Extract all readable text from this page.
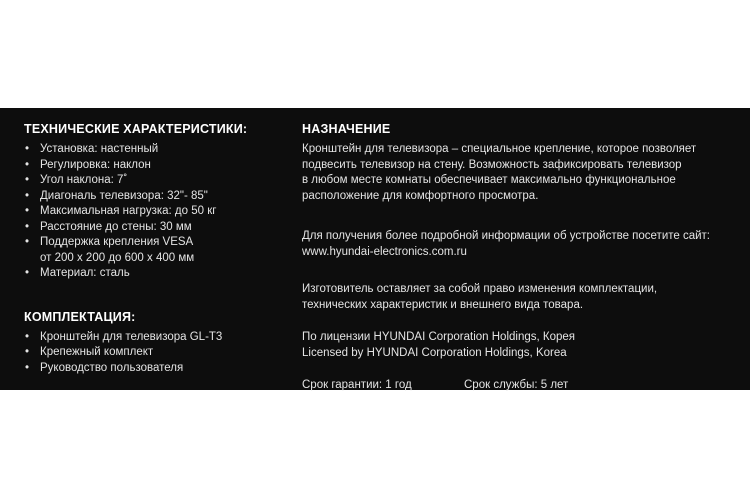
ТЕХНИЧЕСКИЕ ХАРАКТЕРИСТИКИ:
• Установка: настенный
• Регулировка: наклон
• Угол наклона: 7˚
• Диагональ телевизора: 32"- 85"
• Максимальная нагрузка: до 50 кг
• Расстояние до стены: 30 мм
• Поддержка крепления VESA
от 200 х 200 до 600 х 400 мм
• Материал: сталь
КОМПЛЕКТАЦИЯ:
• Кронштейн для телевизора GL-T3
• Крепежный комплект
• Руководство пользователя
НАЗНАЧЕНИЕ

Кронштейн для телевизора – специальное крепление, которое позволяет
подвесить телевизор на стену. Возможность зафиксировать телевизор
в любом месте комнаты обеспечивает максимально функциональное
расположение для комфортного просмотра.

Для получения более подробной информации об устройстве посетите сайт:
www.hyundai-electronics.com.ru

Изготовитель оставляет за собой право изменения комплектации,
технических характеристик и внешнего вида товара.

По лицензии HYUNDAI Corporation Holdings, Корея
Licensed by HYUNDAI Corporation Holdings, Korea

Срок гарантии: 1 год	Срок службы: 5 лет
